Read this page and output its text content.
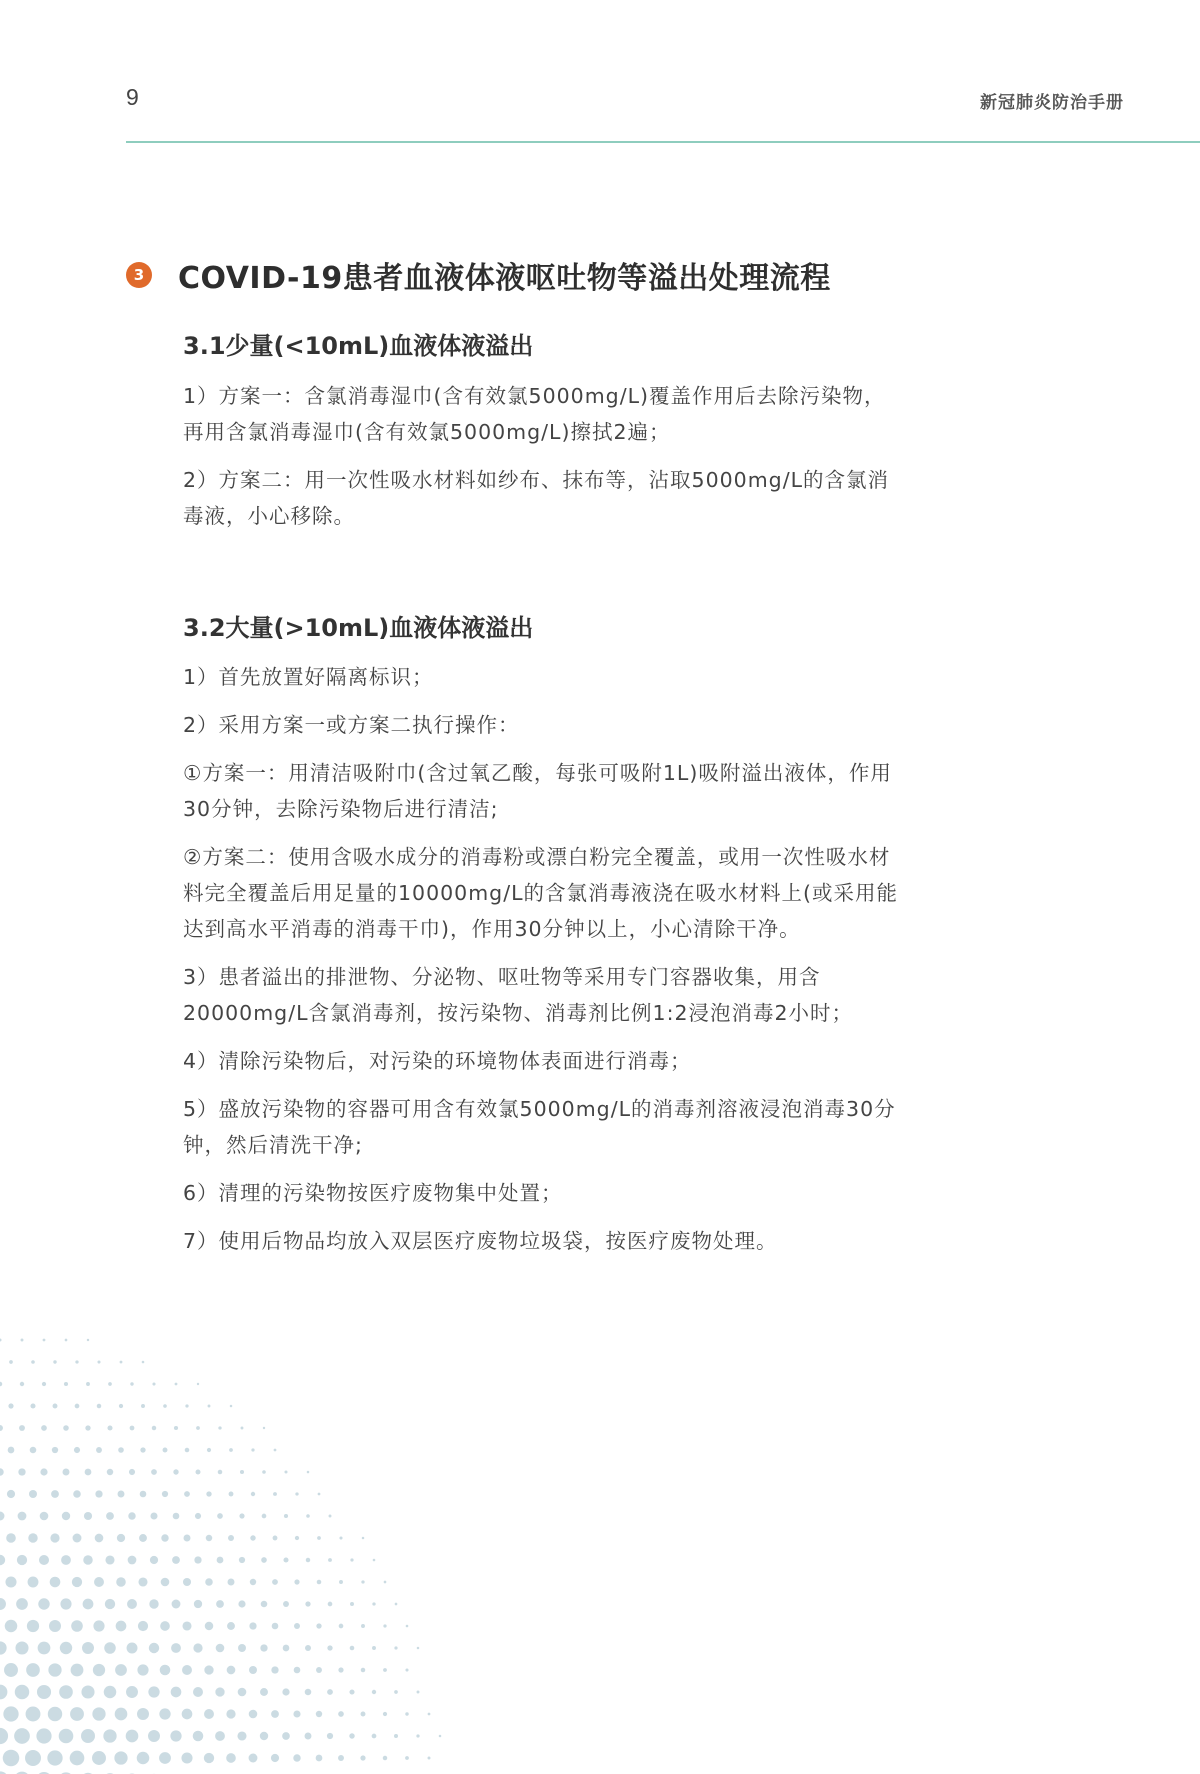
9	新冠肺炎防治手册
3 COVID-19患者血液体液呕吐物等溢出处理流程
3.1少量(<10mL)血液体液溢出

1）方案一：含氯消毒湿巾(含有效氯5000mg/L)覆盖作用后去除污染物，再用含氯消毒湿巾(含有效氯5000mg/L)擦拭2遍；

2）方案二：用一次性吸水材料如纱布、抹布等，沾取5000mg/L的含氯消毒液，小心移除。

3.2大量(>10mL)血液体液溢出

1）首先放置好隔离标识；

2）采用方案一或方案二执行操作：

①方案一：用清洁吸附巾(含过氧乙酸，每张可吸附1L)吸附溢出液体，作用30分钟，去除污染物后进行清洁;

②方案二：使用含吸水成分的消毒粉或漂白粉完全覆盖，或用一次性吸水材料完全覆盖后用足量的10000mg/L的含氯消毒液浇在吸水材料上(或采用能达到高水平消毒的消毒干巾)，作用30分钟以上，小心清除干净。

3）患者溢出的排泄物、分泌物、呕吐物等采用专门容器收集，用含20000mg/L含氯消毒剂，按污染物、消毒剂比例1:2浸泡消毒2小时；

4）清除污染物后，对污染的环境物体表面进行消毒；

5）盛放污染物的容器可用含有效氯5000mg/L的消毒剂溶液浸泡消毒30分钟，然后清洗干净;

6）清理的污染物按医疗废物集中处置；

7）使用后物品均放入双层医疗废物垃圾袋，按医疗废物处理。
